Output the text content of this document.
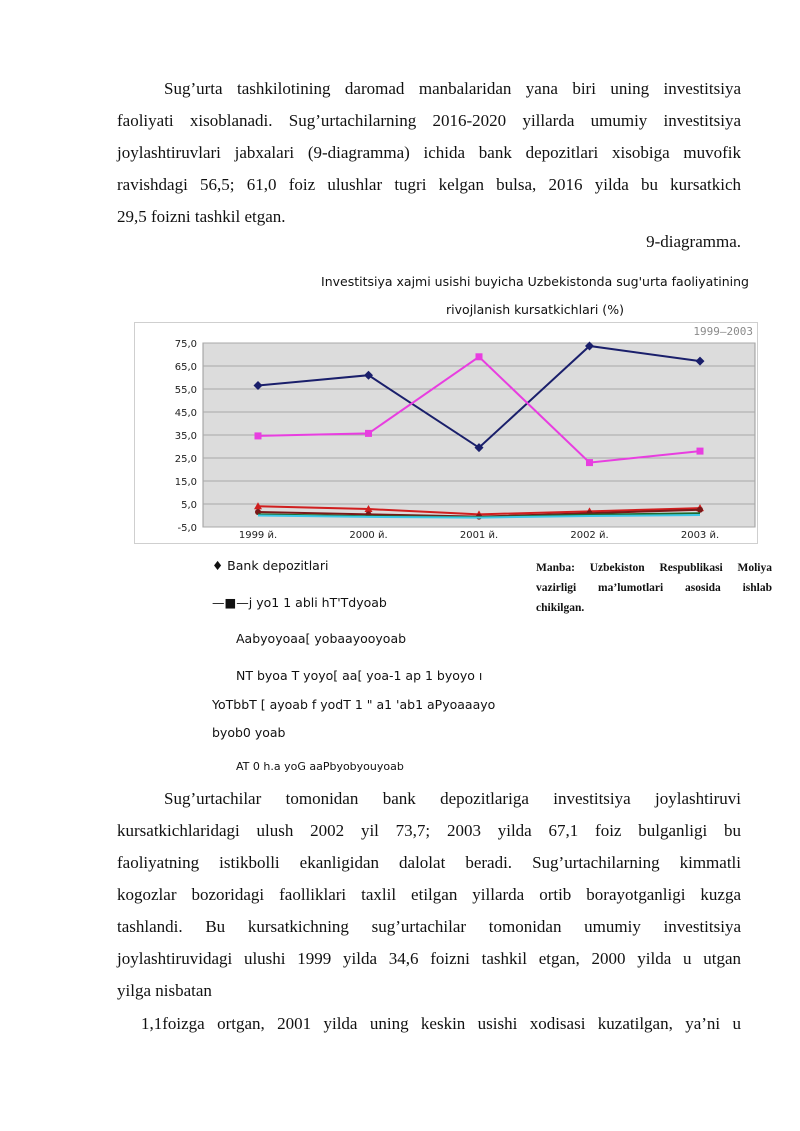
Sug’urta tashkilotining daromad manbalaridan yana biri uning investitsiya
faoliyati xisoblanadi. Sug’urtachilarning 2016-2020 yillarda umumiy investitsiya
joylashtiruvlari jabxalari (9-diagramma) ichida bank depozitlari xisobiga muvofik
ravishdagi 56,5; 61,0 foiz ulushlar tugri kelgan bulsa, 2016 yilda bu kursatkich
29,5 foizni tashkil etgan.
9-diagramma.
Investitsiya xajmi usishi buyicha Uzbekistonda sug'urta faoliyatining
rivojlanish kursatkichlari (%)
75,0
65,0
55,0
45,0
35,0
25,0
15,0
5,0
-5,0
1999 й.	2000 й.	2001 й.	2002 й.	2003 й.
1999–2003
♦ Bank depozitlari
—■—j yo1 1 abli hT'Tdyoab
Aabyoyoaa[ yobaayooyoab
NT byoa T yoyo[ aa[ yoa-1 ap 1 byoyo ı
YoTbbT [ ayoab f yodT 1 " a1 'ab1 aPyoaaayo
byob0 yoab
AT 0 h.a yoG aaPbyobyouyoab
Manba: Uzbekiston Respublikasi Moliya
vazirligi ma’lumotlari asosida ishlab
chikilgan.
Sug’urtachilar tomonidan bank depozitlariga investitsiya joylashtiruvi
kursatkichlaridagi ulush 2002 yil 73,7; 2003 yilda 67,1 foiz bulganligi bu
faoliyatning istikbolli ekanligidan dalolat beradi. Sug’urtachilarning kimmatli
kogozlar bozoridagi faolliklari taxlil etilgan yillarda ortib borayotganligi kuzga
tashlandi. Bu kursatkichning sug’urtachilar tomonidan umumiy investitsiya
joylashtiruvidagi ulushi 1999 yilda 34,6 foizni tashkil etgan, 2000 yilda u utgan
yilga nisbatan
1,1foizga ortgan, 2001 yilda uning keskin usishi xodisasi kuzatilgan, ya’ni u
